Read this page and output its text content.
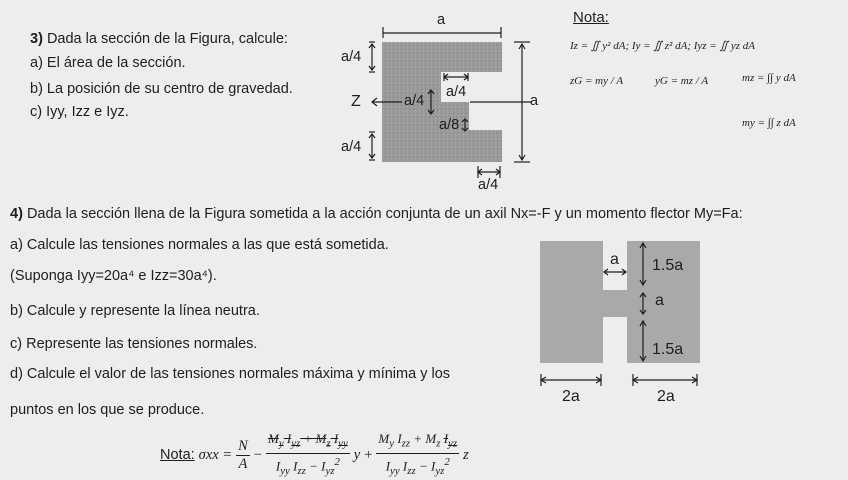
3) Dada la sección de la Figura, calcule:
a) El área de la sección.
b) La posición de su centro de gravedad.
c) Iyy, Izz e Iyz.
a
a/4
a/4
Z	a/4	a
a/8
a/4
a/4
Nota:
Iz = ∬ y² dA; Iy = ∬ z² dA; Iyz = ∬ yz dA
zG = my / A	yG = mz / A	mz = ∫∫ y dA
my = ∫∫ z dA
4) Dada la sección llena de la Figura sometida a la acción conjunta de un axil Nx=-F y un momento flector My=Fa:
a) Calcule las tensiones normales a las que está sometida.
(Suponga Iyy=20a⁴ e Izz=30a⁴).
b) Calcule y represente la línea neutra.
c) Represente las tensiones normales.
d) Calcule el valor de las tensiones normales máxima y mínima y los
puntos en los que se produce.
a 1.5a
a
1.5a
2a	2a
Nota: $\sigma xx = \frac{N}{A} - \frac{M_y I_{yz} + M_z I_{yy}}{I_{yy} I_{zz} - I_{yz}^2}$ $y + \frac{M_y I_{zz} + M_z I_{yz}}{I_{yy} I_{zz} - I_{yz}^2}$ z
